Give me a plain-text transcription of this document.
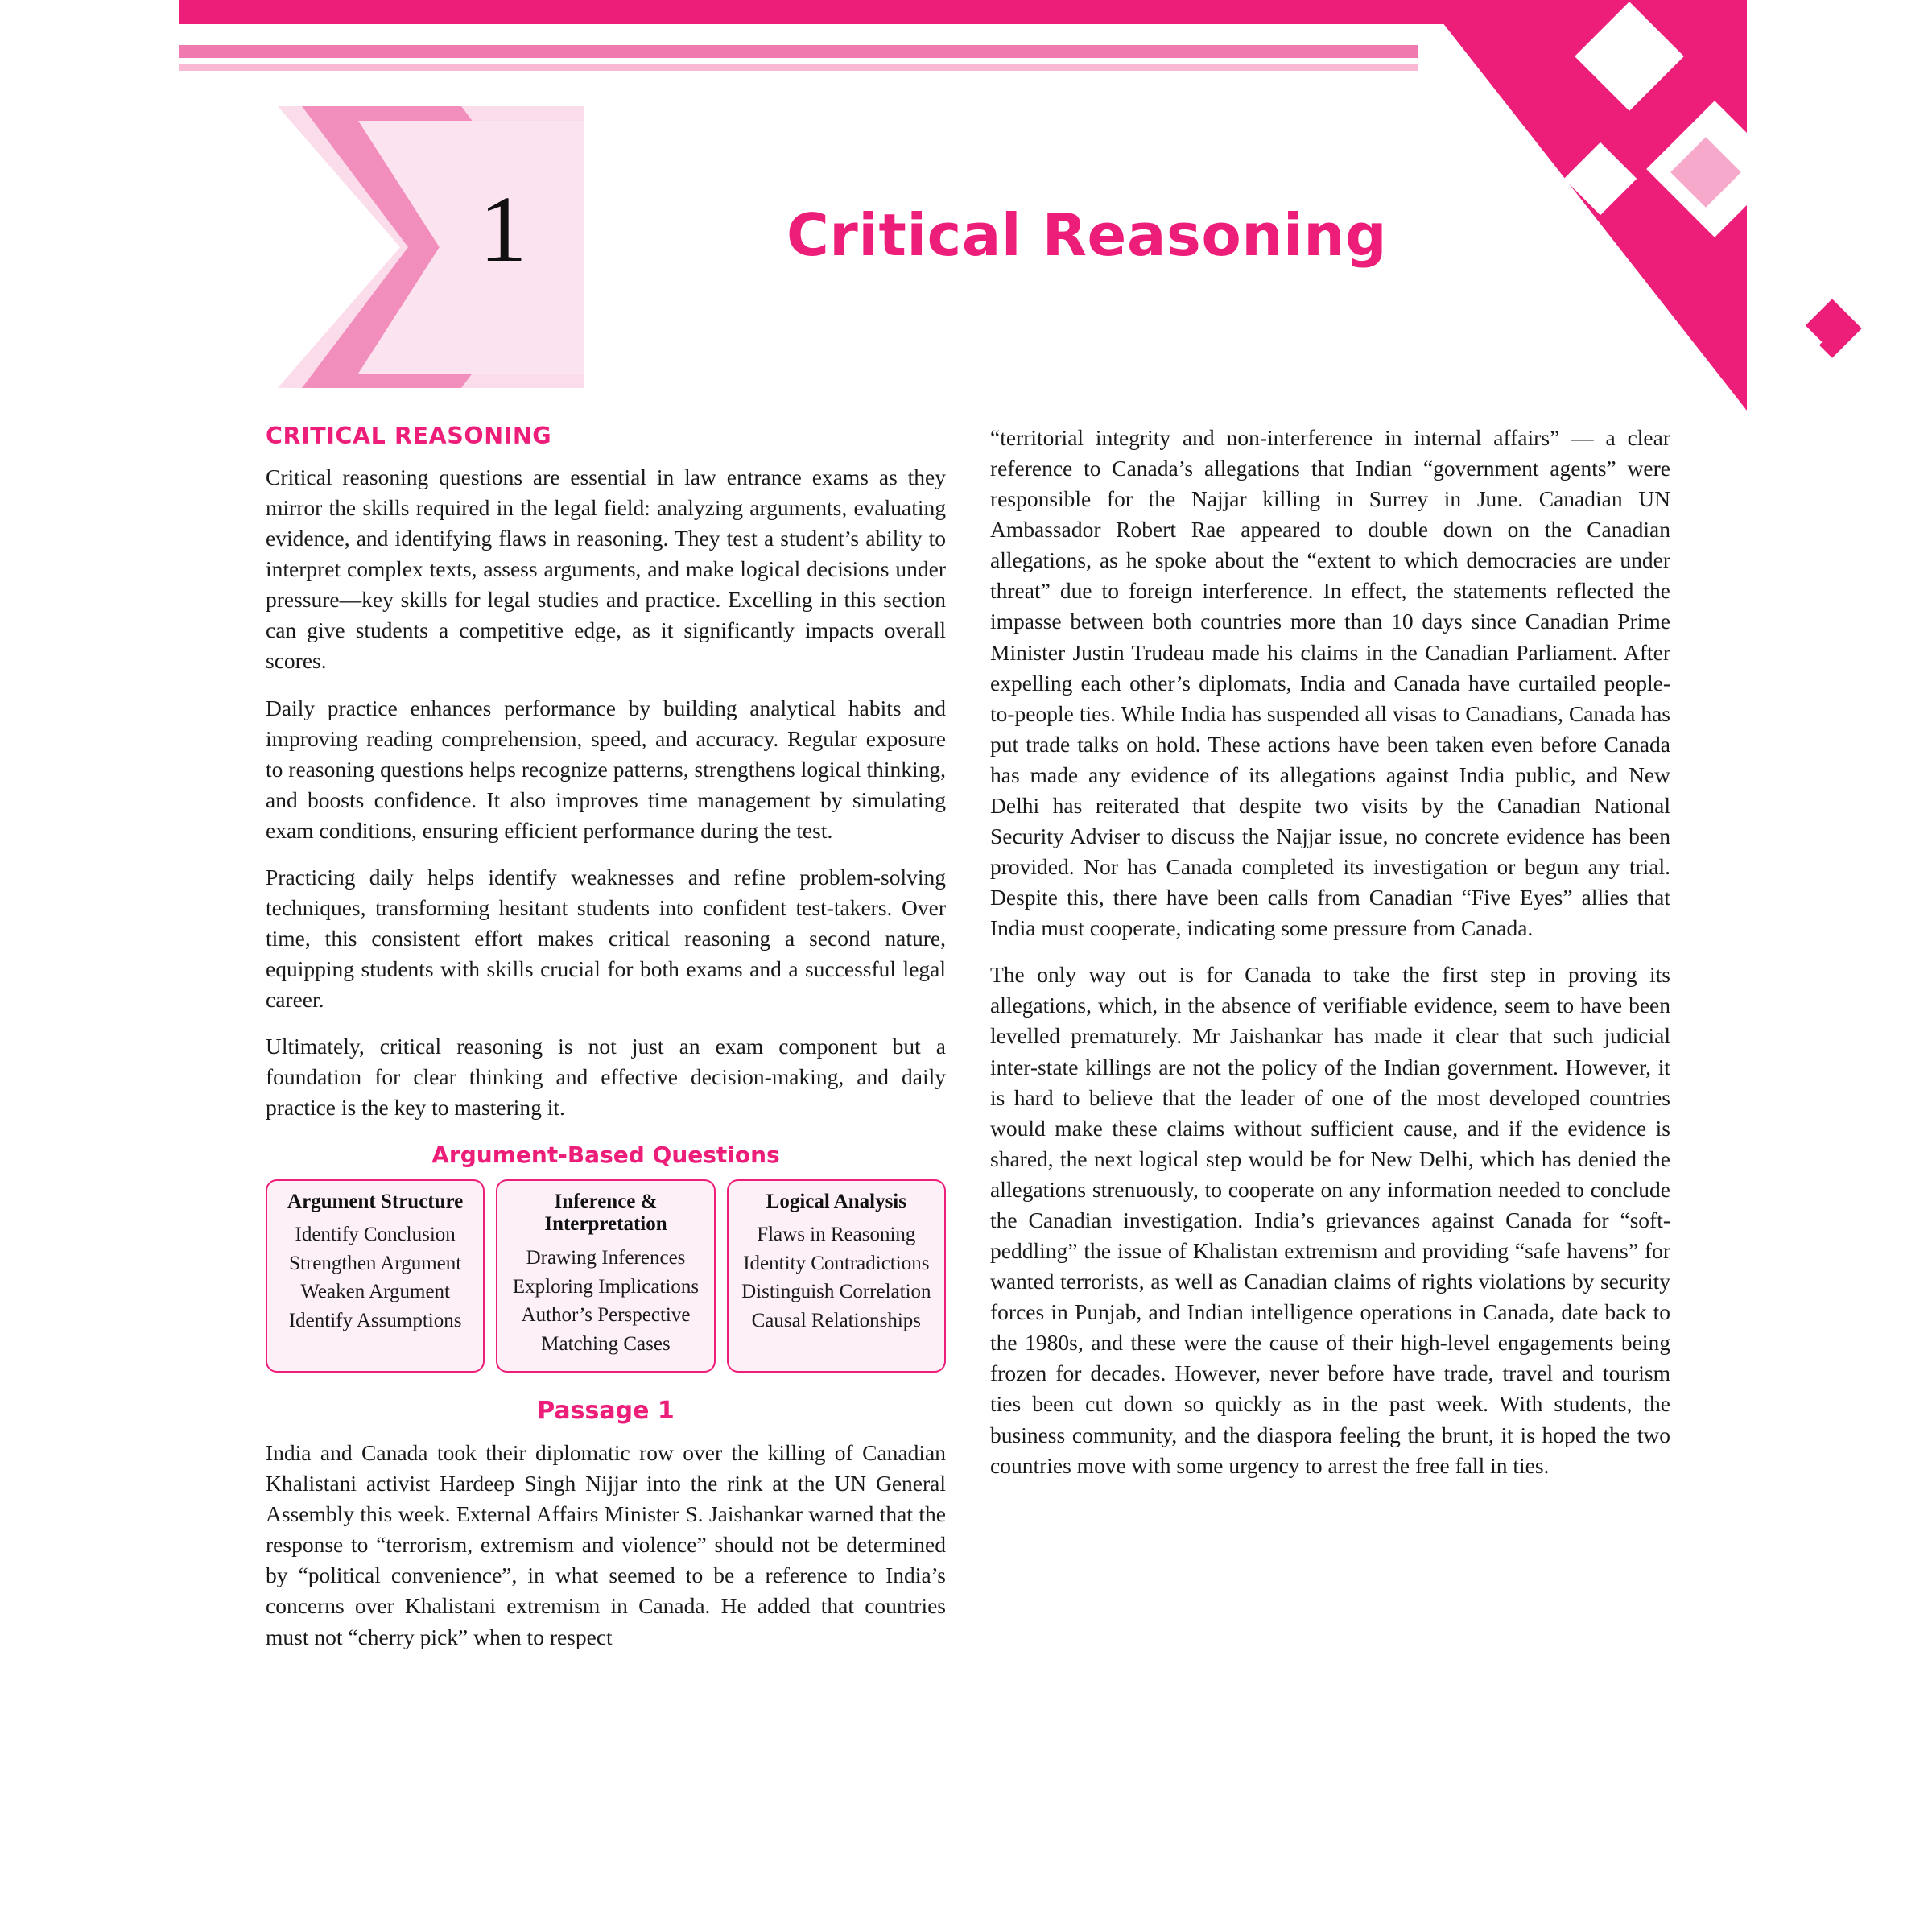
1	Critical Reasoning
CRITICAL REASONING

Critical reasoning questions are essential in law entrance exams as they mirror the skills required in the legal field: analyzing arguments, evaluating evidence, and identifying flaws in reasoning. They test a student’s ability to interpret complex texts, assess arguments, and make logical decisions under pressure—key skills for legal studies and practice. Excelling in this section can give students a competitive edge, as it significantly impacts overall scores.

Daily practice enhances performance by building analytical habits and improving reading comprehension, speed, and accuracy. Regular exposure to reasoning questions helps recognize patterns, strengthens logical thinking, and boosts confidence. It also improves time management by simulating exam conditions, ensuring efficient performance during the test.

Practicing daily helps identify weaknesses and refine problem-solving techniques, transforming hesitant students into confident test-takers. Over time, this consistent effort makes critical reasoning a second nature, equipping students with skills crucial for both exams and a successful legal career.

Ultimately, critical reasoning is not just an exam component but a foundation for clear thinking and effective decision-making, and daily practice is the key to mastering it.

Argument-Based Questions
Argument Structure
Identify Conclusion
Strengthen Argument
Weaken Argument
Identify Assumptions
Inference & Interpretation
Drawing Inferences
Exploring Implications
Author’s Perspective
Matching Cases
Logical Analysis
Flaws in Reasoning
Identity Contradictions
Distinguish Correlation
Causal Relationships
Passage 1

India and Canada took their diplomatic row over the killing of Canadian Khalistani activist Hardeep Singh Nijjar into the rink at the UN General Assembly this week. External Affairs Minister S. Jaishankar warned that the response to “terrorism, extremism and violence” should not be determined by “political convenience”, in what seemed to be a reference to India’s concerns over Khalistani extremism in Canada. He added that countries must not “cherry pick” when to respect

“territorial integrity and non-interference in internal affairs” — a clear reference to Canada’s allegations that Indian “government agents” were responsible for the Najjar killing in Surrey in June. Canadian UN Ambassador Robert Rae appeared to double down on the Canadian allegations, as he spoke about the “extent to which democracies are under threat” due to foreign interference. In effect, the statements reflected the impasse between both countries more than 10 days since Canadian Prime Minister Justin Trudeau made his claims in the Canadian Parliament. After expelling each other’s diplomats, India and Canada have curtailed people-to-people ties. While India has suspended all visas to Canadians, Canada has put trade talks on hold. These actions have been taken even before Canada has made any evidence of its allegations against India public, and New Delhi has reiterated that despite two visits by the Canadian National Security Adviser to discuss the Najjar issue, no concrete evidence has been provided. Nor has Canada completed its investigation or begun any trial. Despite this, there have been calls from Canadian “Five Eyes” allies that India must cooperate, indicating some pressure from Canada.

The only way out is for Canada to take the first step in proving its allegations, which, in the absence of verifiable evidence, seem to have been levelled prematurely. Mr Jaishankar has made it clear that such judicial inter-state killings are not the policy of the Indian government. However, it is hard to believe that the leader of one of the most developed countries would make these claims without sufficient cause, and if the evidence is shared, the next logical step would be for New Delhi, which has denied the allegations strenuously, to cooperate on any information needed to conclude the Canadian investigation. India’s grievances against Canada for “soft-peddling” the issue of Khalistan extremism and providing “safe havens” for wanted terrorists, as well as Canadian claims of rights violations by security forces in Punjab, and Indian intelligence operations in Canada, date back to the 1980s, and these were the cause of their high-level engagements being frozen for decades. However, never before have trade, travel and tourism ties been cut down so quickly as in the past week. With students, the business community, and the diaspora feeling the brunt, it is hoped the two countries move with some urgency to arrest the free fall in ties.
